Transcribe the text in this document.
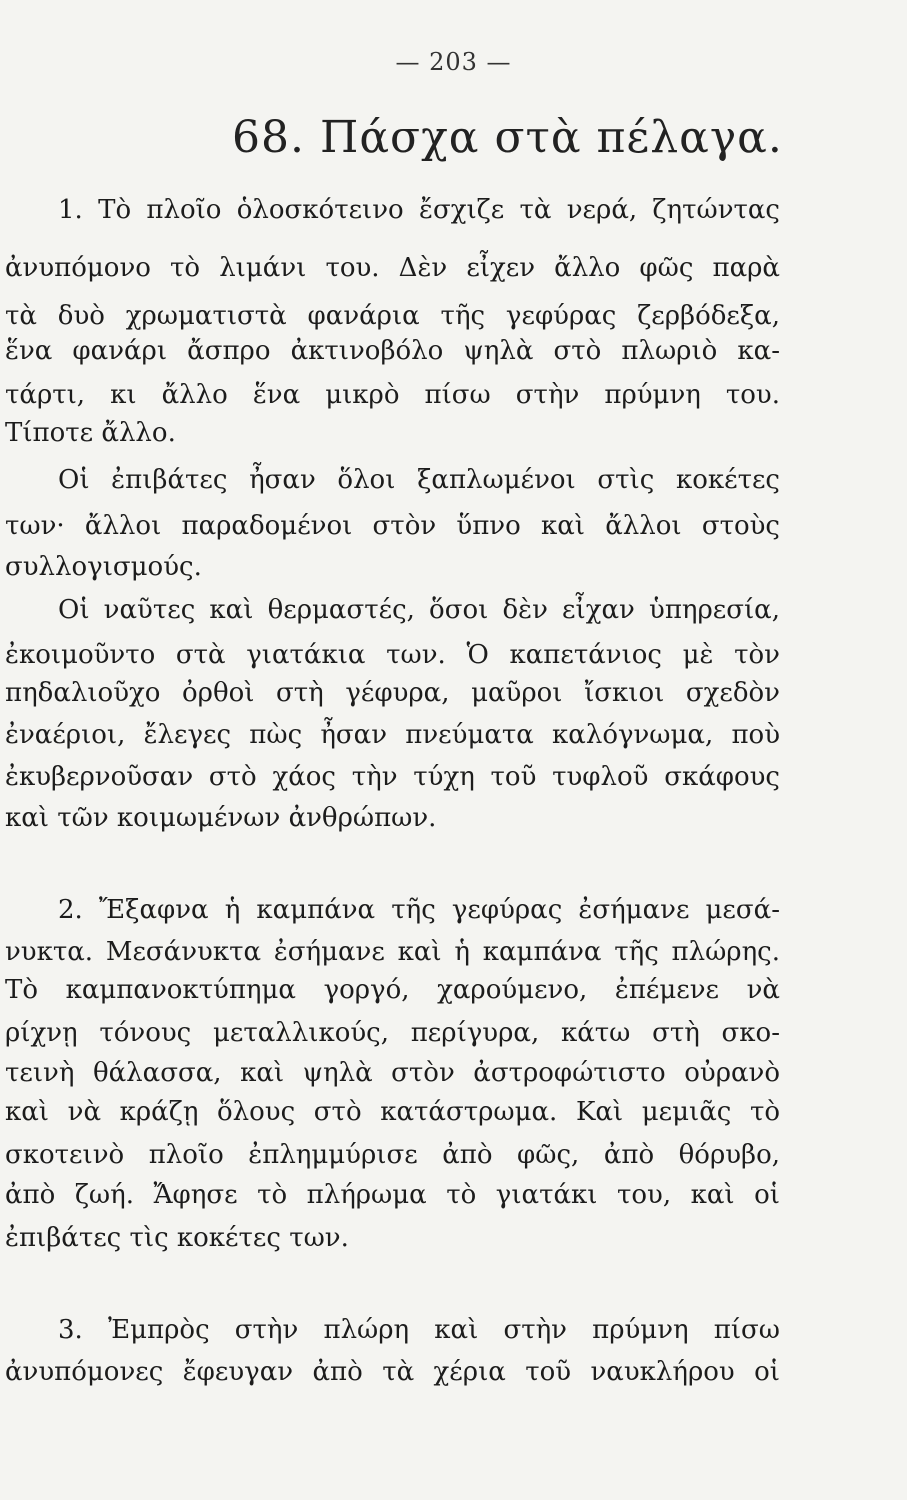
— 203 —
68. Πάσχα στὰ πέλαγα.
1. Τὸ πλοῖο ὁλοσκότεινο ἔσχιζε τὰ νερά, ζητώντας
ἀνυπόμονο τὸ λιμάνι του. Δὲν εἶχεν ἄλλο φῶς παρὰ
τὰ δυὸ χρωματιστὰ φανάρια τῆς γεφύρας ζερβόδεξα,
ἕνα φανάρι ἄσπρο ἀκτινοβόλο ψηλὰ στὸ πλωριὸ κα-
τάρτι, κι ἄλλο ἕνα μικρὸ πίσω στὴν πρύμνη του.
Τίποτε ἄλλο.
Οἱ ἐπιβάτες ἦσαν ὅλοι ξαπλωμένοι στὶς κοκέτες
των· ἄλλοι παραδομένοι στὸν ὕπνο καὶ ἄλλοι στοὺς
συλλογισμούς.
Οἱ ναῦτες καὶ θερμαστές, ὅσοι δὲν εἶχαν ὑπηρεσία,
ἐκοιμοῦντο στὰ γιατάκια των. Ὁ καπετάνιος μὲ τὸν
πηδαλιοῦχο ὀρθοὶ στὴ γέφυρα, μαῦροι ἴσκιοι σχεδὸν
ἐναέριοι, ἔλεγες πὼς ἦσαν πνεύματα καλόγνωμα, ποὺ
ἐκυβερνοῦσαν στὸ χάος τὴν τύχη τοῦ τυφλοῦ σκάφους
καὶ τῶν κοιμωμένων ἀνθρώπων.
2. Ἔξαφνα ἡ καμπάνα τῆς γεφύρας ἐσήμανε μεσά-
νυκτα. Μεσάνυκτα ἐσήμανε καὶ ἡ καμπάνα τῆς πλώρης.
Τὸ καμπανοκτύπημα γοργό, χαρούμενο, ἐπέμενε νὰ
ρίχνῃ τόνους μεταλλικούς, περίγυρα, κάτω στὴ σκο-
τεινὴ θάλασσα, καὶ ψηλὰ στὸν ἀστροφώτιστο οὐρανὸ
καὶ νὰ κράζῃ ὅλους στὸ κατάστρωμα. Καὶ μεμιᾶς τὸ
σκοτεινὸ πλοῖο ἐπλημμύρισε ἀπὸ φῶς, ἀπὸ θόρυβο,
ἀπὸ ζωή. Ἄφησε τὸ πλήρωμα τὸ γιατάκι του, καὶ οἱ
ἐπιβάτες τὶς κοκέτες των.
3. Ἐμπρὸς στὴν πλώρη καὶ στὴν πρύμνη πίσω
ἀνυπόμονες ἔφευγαν ἀπὸ τὰ χέρια τοῦ ναυκλήρου οἱ
